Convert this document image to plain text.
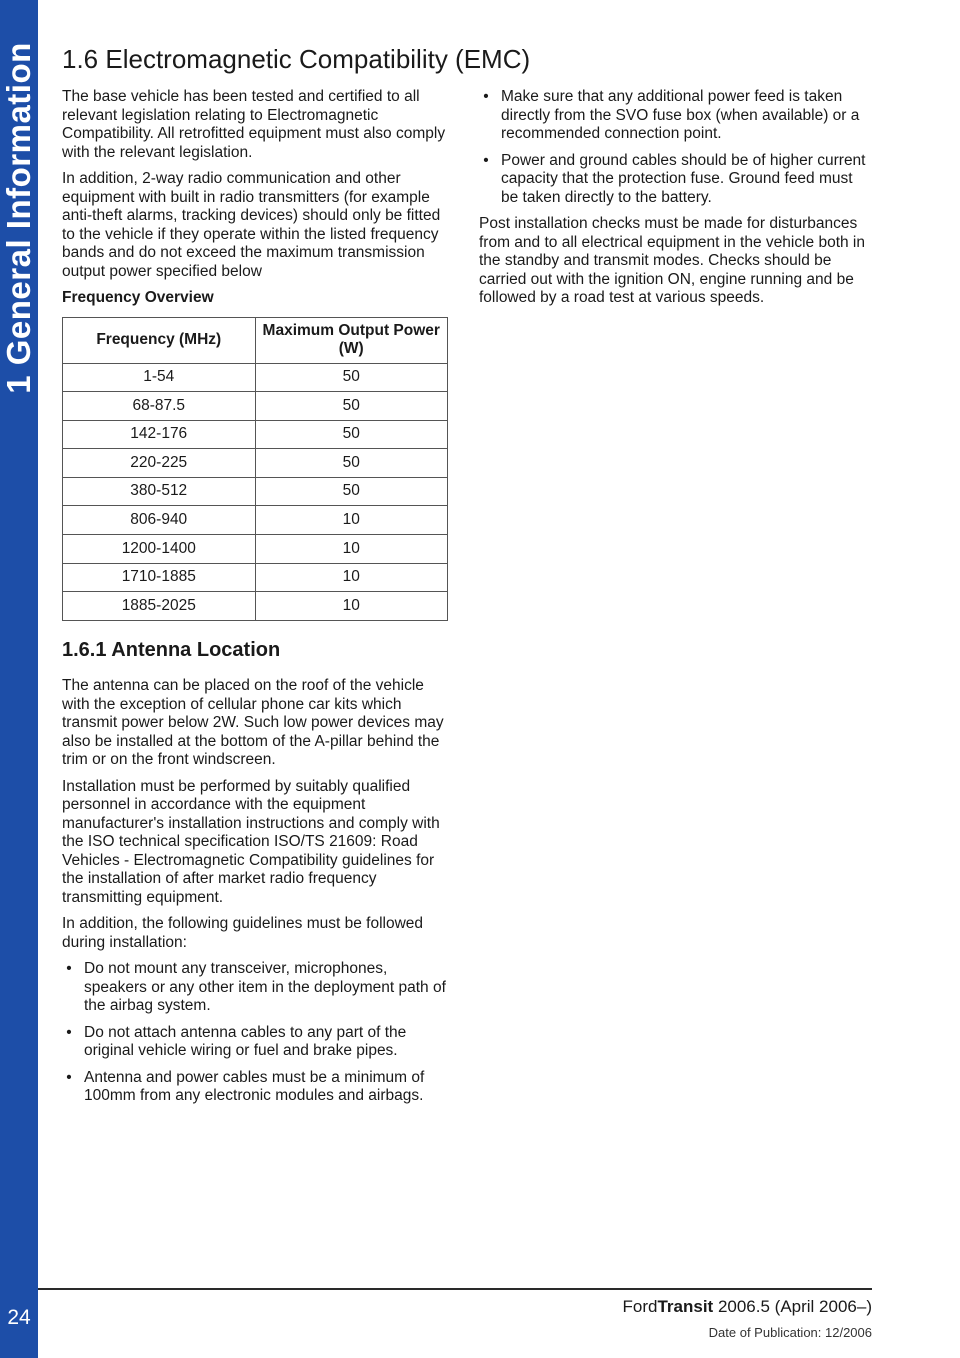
1 General Information
24
1.6 Electromagnetic Compatibility (EMC)

The base vehicle has been tested and certified to all relevant legislation relating to Electromagnetic Compatibility. All retrofitted equipment must also comply with the relevant legislation.

In addition, 2-way radio communication and other equipment with built in radio transmitters (for example anti-theft alarms, tracking devices) should only be fitted to the vehicle if they operate within the listed frequency bands and do not exceed the maximum transmission output power specified below

Frequency Overview
Frequency (MHz)	Maximum Output Power (W)
1-54	50
68-87.5	50
142-176	50
220-225	50
380-512	50
806-940	10
1200-1400	10
1710-1885	10
1885-2025	10
1.6.1 Antenna Location

The antenna can be placed on the roof of the vehicle with the exception of cellular phone car kits which transmit power below 2W. Such low power devices may also be installed at the bottom of the A-pillar behind the trim or on the front windscreen.

Installation must be performed by suitably qualified personnel in accordance with the equipment manufacturer's installation instructions and comply with the ISO technical specification ISO/TS 21609: Road Vehicles - Electromagnetic Compatibility guidelines for the installation of after market radio frequency transmitting equipment.

In addition, the following guidelines must be followed during installation:

• Do not mount any transceiver, microphones, speakers or any other item in the deployment path of the airbag system.
• Do not attach antenna cables to any part of the original vehicle wiring or fuel and brake pipes.
• Antenna and power cables must be a minimum of 100mm from any electronic modules and airbags.
• Make sure that any additional power feed is taken directly from the SVO fuse box (when available) or a recommended connection point.
• Power and ground cables should be of higher current capacity that the protection fuse. Ground feed must be taken directly to the battery.

Post installation checks must be made for disturbances from and to all electrical equipment in the vehicle both in the standby and transmit modes. Checks should be carried out with the ignition ON, engine running and be followed by a road test at various speeds.

FordTransit 2006.5 (April 2006–)
Date of Publication: 12/2006
